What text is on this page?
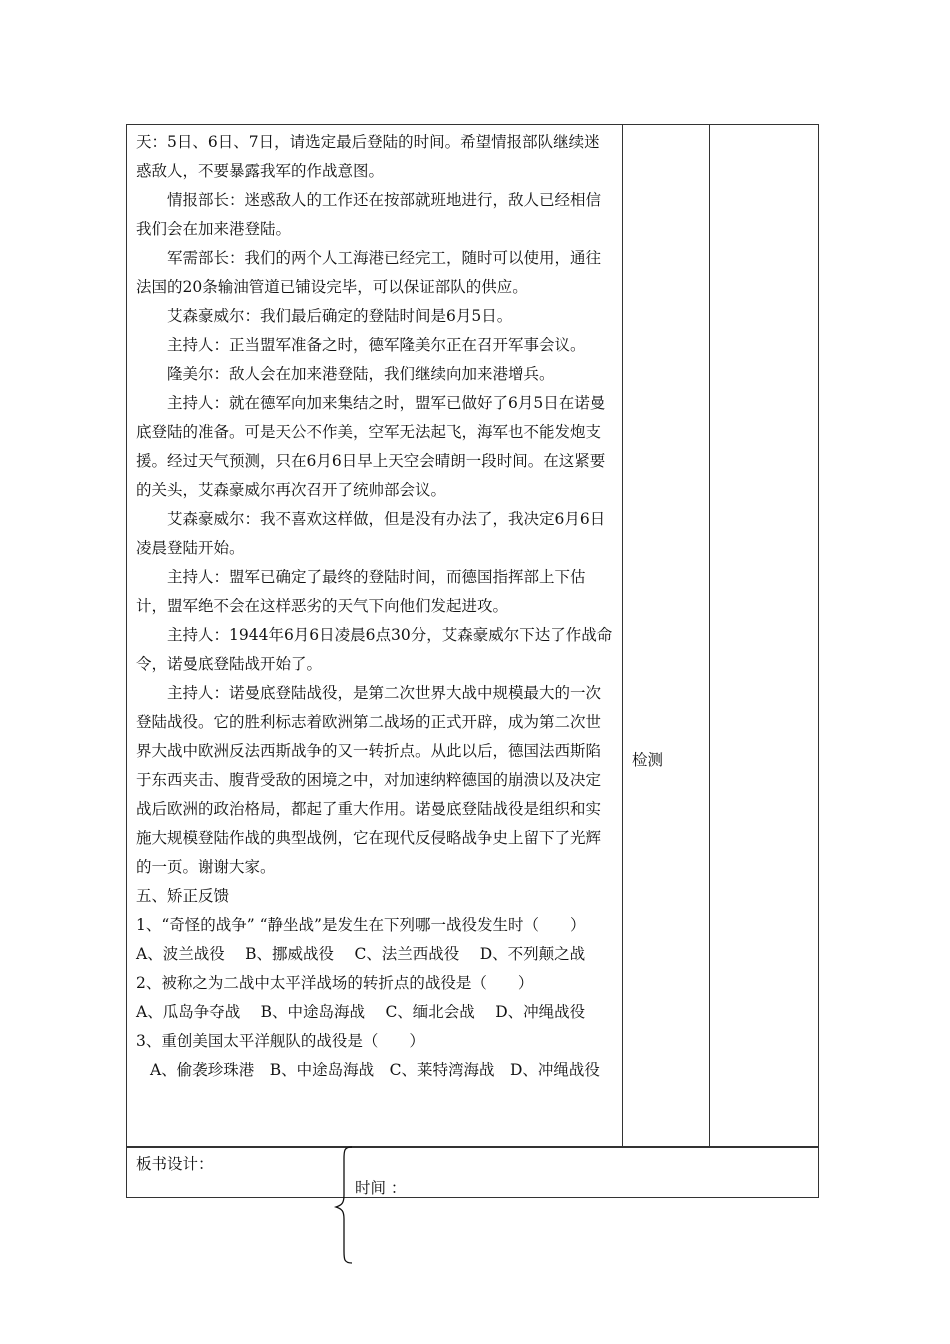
天：5日、6日、7日，请选定最后登陆的时间。希望情报部队继续迷惑敌人，不要暴露我军的作战意图。

情报部长：迷惑敌人的工作还在按部就班地进行，敌人已经相信我们会在加来港登陆。

军需部长：我们的两个人工海港已经完工，随时可以使用，通往法国的20条输油管道已铺设完毕，可以保证部队的供应。

艾森豪威尔：我们最后确定的登陆时间是6月5日。

主持人：正当盟军准备之时，德军隆美尔正在召开军事会议。

隆美尔：敌人会在加来港登陆，我们继续向加来港增兵。

主持人：就在德军向加来集结之时，盟军已做好了6月5日在诺曼底登陆的准备。可是天公不作美，空军无法起飞，海军也不能发炮支援。经过天气预测，只在6月6日早上天空会晴朗一段时间。在这紧要的关头，艾森豪威尔再次召开了统帅部会议。

艾森豪威尔：我不喜欢这样做，但是没有办法了，我决定6月6日凌晨登陆开始。

主持人：盟军已确定了最终的登陆时间，而德国指挥部上下估计，盟军绝不会在这样恶劣的天气下向他们发起进攻。

主持人：1944年6月6日凌晨6点30分，艾森豪威尔下达了作战命令，诺曼底登陆战开始了。

主持人：诺曼底登陆战役，是第二次世界大战中规模最大的一次登陆战役。它的胜利标志着欧洲第二战场的正式开辟，成为第二次世界大战中欧洲反法西斯战争的又一转折点。从此以后，德国法西斯陷于东西夹击、腹背受敌的困境之中，对加速纳粹德国的崩溃以及决定战后欧洲的政治格局，都起了重大作用。诺曼底登陆战役是组织和实施大规模登陆作战的典型战例，它在现代反侵略战争史上留下了光辉的一页。谢谢大家。

五、矫正反馈

1、“奇怪的战争” “静坐战”是发生在下列哪一战役发生时（　　）

A、波兰战役　 B、挪威战役　 C、法兰西战役　 D、不列颠之战

2、被称之为二战中太平洋战场的转折点的战役是（　　）

A、瓜岛争夺战　 B、中途岛海战　 C、缅北会战　 D、冲绳战役

3、重创美国太平洋舰队的战役是（　　）

A、偷袭珍珠港　B、中途岛海战　C、莱特湾海战　D、冲绳战役

检测
板书设计：
时间 ：
